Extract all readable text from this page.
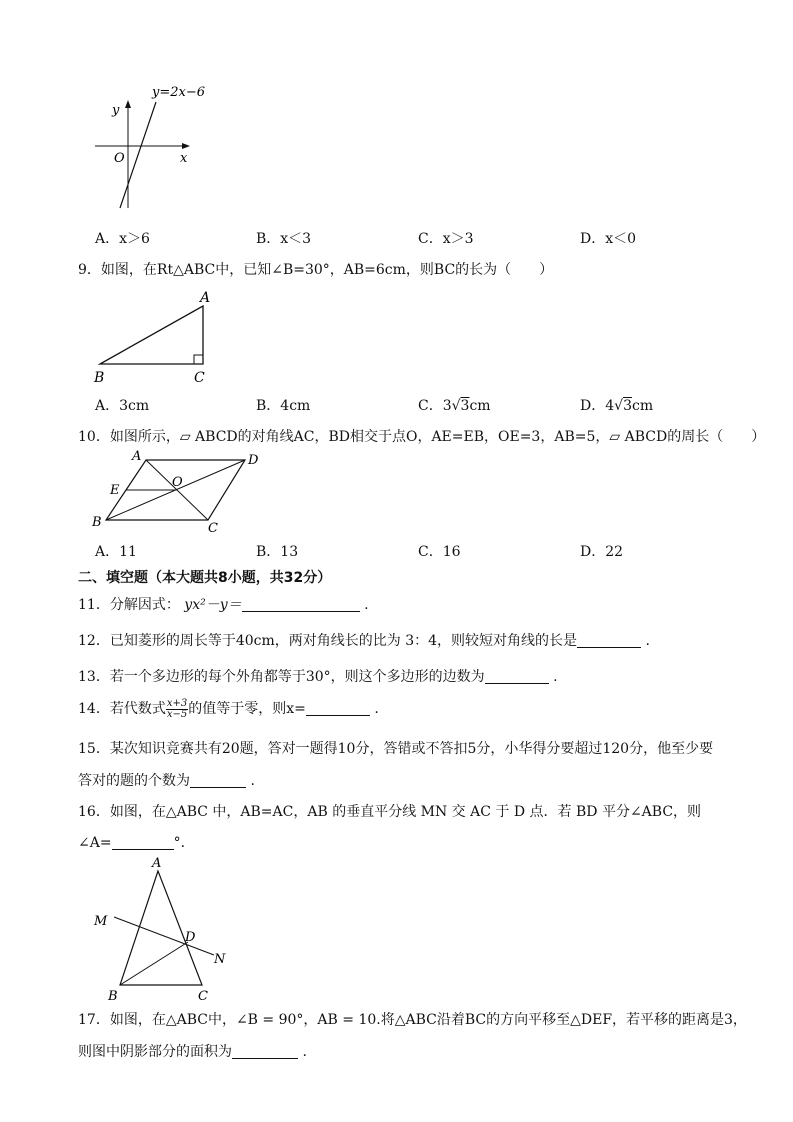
y=2x−6
y
x
O
A．x＞6	B．x＜3	C．x＞3	D．x＜0
9．如图，在Rt△ABC中，已知∠B=30°，AB=6cm，则BC的长为（　　）
A
B	C
A．3cm	B．4cm	C．3√3cm	D．4√3cm
10．如图所示，▱ ABCD的对角线AC，BD相交于点O，AE=EB，OE=3，AB=5，▱ ABCD的周长（　　）
A	D
E
O
B	C
A．11	B．13	C．16	D．22
二、填空题（本大题共8小题，共32分）
11．分解因式： yx²－y＝	.
12．已知菱形的周长等于40cm，两对角线长的比为 3：4，则较短对角线的长是	.
13．若一个多边形的每个外角都等于30°，则这个多边形的边数为	.
14．若代数式 $\frac{x+3}{x-5}$ 的值等于零，则x=	.
15．某次知识竞赛共有20题，答对一题得10分，答错或不答扣5分，小华得分要超过120分，他至少要
答对的题的个数为	.
16．如图，在△ABC 中，AB=AC，AB 的垂直平分线 MN 交 AC 于 D 点．若 BD 平分∠ABC，则
∠A=	°．
A
M
D
N
B	C
17．如图，在△ABC中，∠B = 90°，AB = 10.将△ABC沿着BC的方向平移至△DEF，若平移的距离是3，
则图中阴影部分的面积为	.
